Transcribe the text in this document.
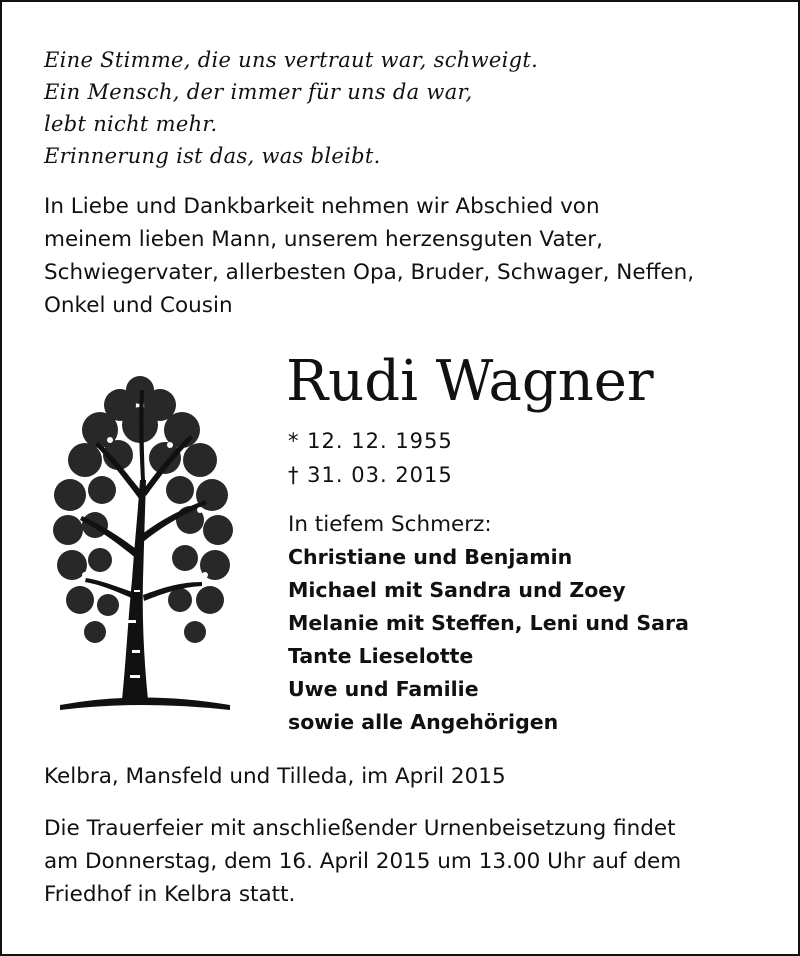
Eine Stimme, die uns vertraut war, schweigt.
Ein Mensch, der immer für uns da war,
lebt nicht mehr.
Erinnerung ist das, was bleibt.
In Liebe und Dankbarkeit nehmen wir Abschied von
meinem lieben Mann, unserem herzensguten Vater,
Schwiegervater, allerbesten Opa, Bruder, Schwager, Neffen,
Onkel und Cousin
Rudi Wagner
* 12. 12. 1955
† 31. 03. 2015
In tiefem Schmerz:
Christiane und Benjamin
Michael mit Sandra und Zoey
Melanie mit Steffen, Leni und Sara
Tante Lieselotte
Uwe und Familie
sowie alle Angehörigen
Kelbra, Mansfeld und Tilleda, im April 2015
Die Trauerfeier mit anschließender Urnenbeisetzung findet
am Donnerstag, dem 16. April 2015 um 13.00 Uhr auf dem
Friedhof in Kelbra statt.
